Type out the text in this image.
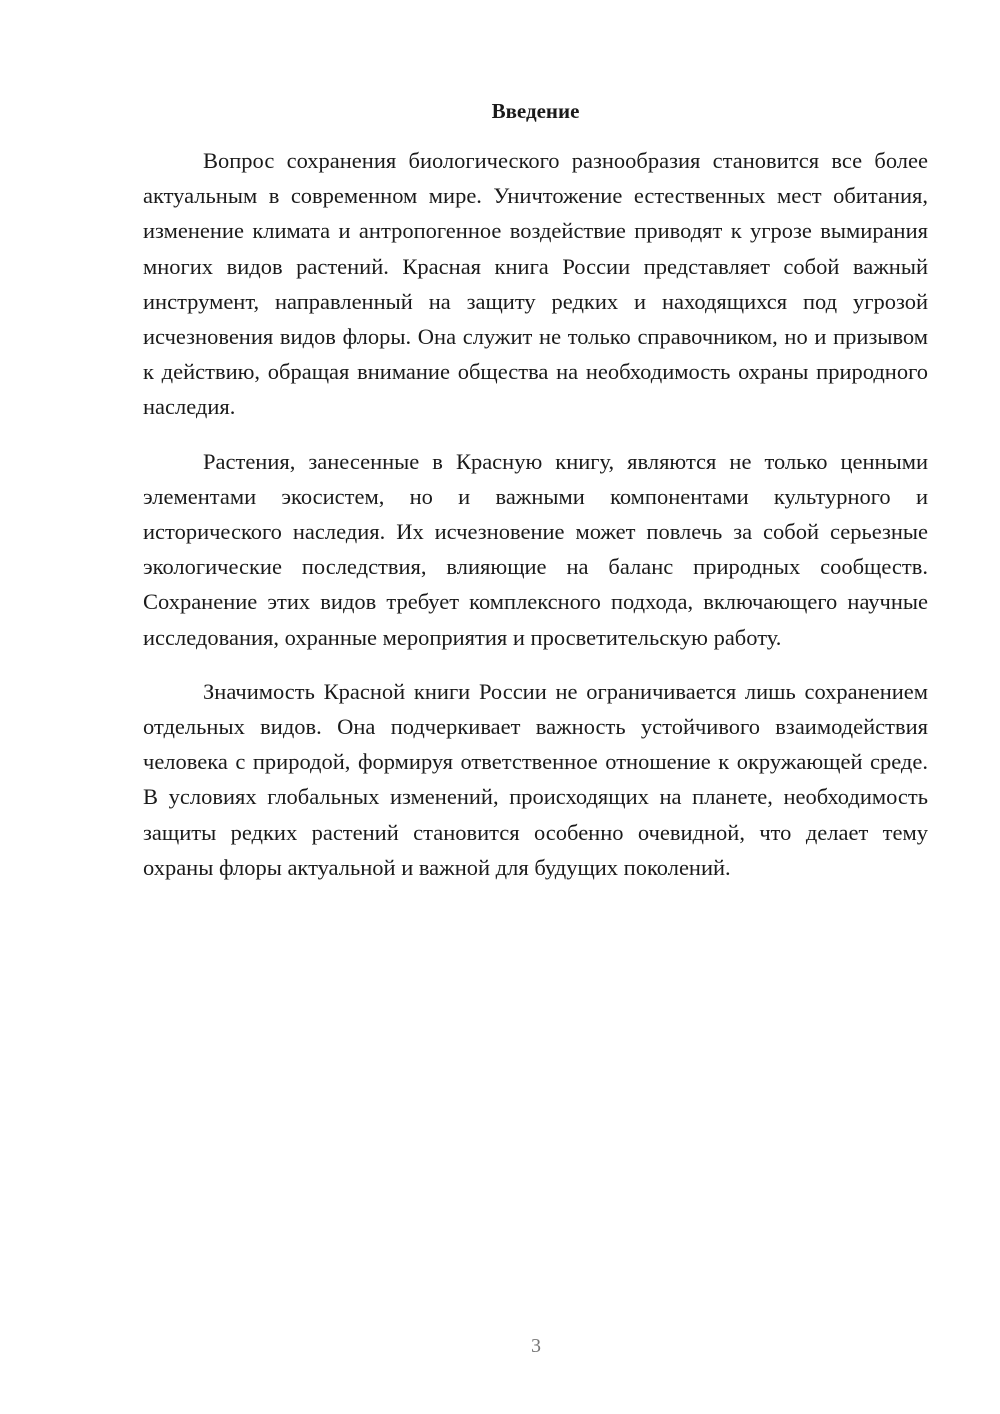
Введение

Вопрос сохранения биологического разнообразия становится все более актуальным в современном мире. Уничтожение естественных мест обитания, изменение климата и антропогенное воздействие приводят к угрозе вымирания многих видов растений. Красная книга России представляет собой важный инструмент, направленный на защиту редких и находящихся под угрозой исчезновения видов флоры. Она служит не только справочником, но и призывом к действию, обращая внимание общества на необходимость охраны природного наследия.

Растения, занесенные в Красную книгу, являются не только ценными элементами экосистем, но и важными компонентами культурного и исторического наследия. Их исчезновение может повлечь за собой серьезные экологические последствия, влияющие на баланс природных сообществ. Сохранение этих видов требует комплексного подхода, включающего научные исследования, охранные мероприятия и просветительскую работу.

Значимость Красной книги России не ограничивается лишь сохранением отдельных видов. Она подчеркивает важность устойчивого взаимодействия человека с природой, формируя ответственное отношение к окружающей среде. В условиях глобальных изменений, происходящих на планете, необходимость защиты редких растений становится особенно очевидной, что делает тему охраны флоры актуальной и важной для будущих поколений.

3
